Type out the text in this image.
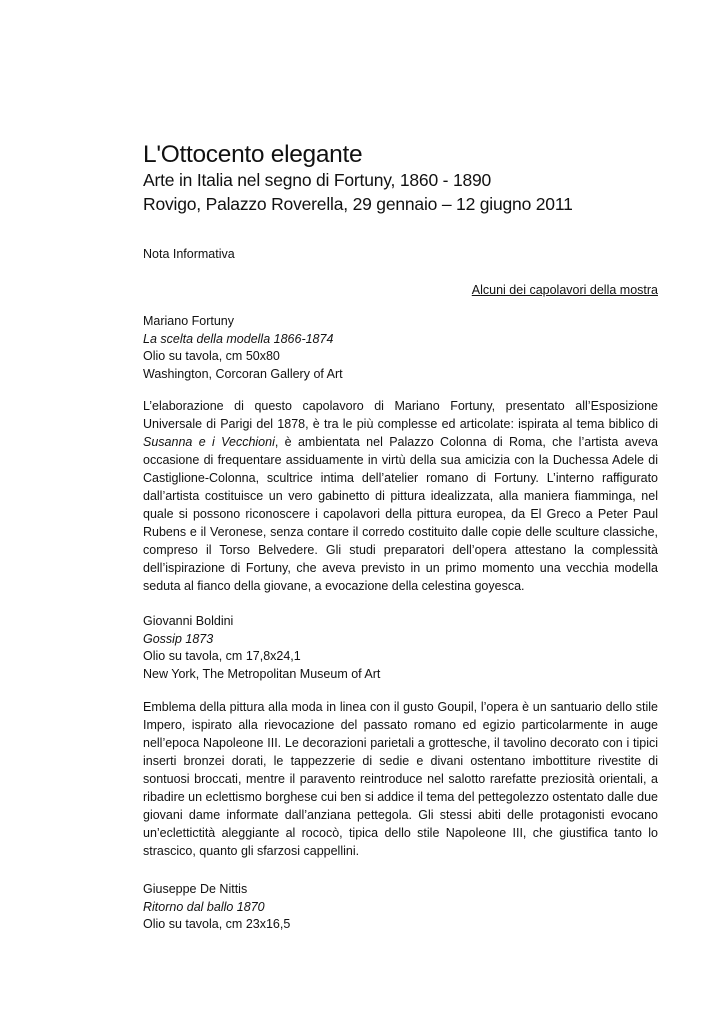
L'Ottocento elegante
Arte in Italia nel segno di Fortuny, 1860 - 1890
Rovigo, Palazzo Roverella, 29 gennaio – 12 giugno 2011
Nota Informativa
Alcuni dei capolavori della mostra
Mariano Fortuny
La scelta della modella 1866-1874
Olio su tavola, cm 50x80
Washington, Corcoran Gallery of Art
L’elaborazione di questo capolavoro di Mariano Fortuny, presentato all’Esposizione Universale di Parigi del 1878, è tra le più complesse ed articolate: ispirata al tema biblico di Susanna e i Vecchioni, è ambientata nel Palazzo Colonna di Roma, che l’artista aveva occasione di frequentare assiduamente in virtù della sua amicizia con la Duchessa Adele di Castiglione-Colonna, scultrice intima dell’atelier romano di Fortuny. L’interno raffigurato dall’artista costituisce un vero gabinetto di pittura idealizzata, alla maniera fiamminga, nel quale si possono riconoscere i capolavori della pittura europea, da El Greco a Peter Paul Rubens e il Veronese, senza contare il corredo costituito dalle copie delle sculture classiche, compreso il Torso Belvedere. Gli studi preparatori dell’opera attestano la complessità dell’ispirazione di Fortuny, che aveva previsto in un primo momento una vecchia modella seduta al fianco della giovane, a evocazione della celestina goyesca.
Giovanni Boldini
Gossip 1873
Olio su tavola, cm 17,8x24,1
New York, The Metropolitan Museum of Art
Emblema della pittura alla moda in linea con il gusto Goupil, l’opera è un santuario dello stile Impero, ispirato alla rievocazione del passato romano ed egizio particolarmente in auge nell’epoca Napoleone III. Le decorazioni parietali a grottesche, il tavolino decorato con i tipici inserti bronzei dorati, le tappezzerie di sedie e divani ostentano imbottiture rivestite di sontuosi broccati, mentre il paravento reintroduce nel salotto rarefatte preziosità orientali, a ribadire un eclettismo borghese cui ben si addice il tema del pettegolezzo ostentato dalle due giovani dame informate dall’anziana pettegola. Gli stessi abiti delle protagonisti evocano un’eclettictità aleggiante al rococò, tipica dello stile Napoleone III, che giustifica tanto lo strascico, quanto gli sfarzosi cappellini.
Giuseppe De Nittis
Ritorno dal ballo 1870
Olio su tavola, cm 23x16,5
